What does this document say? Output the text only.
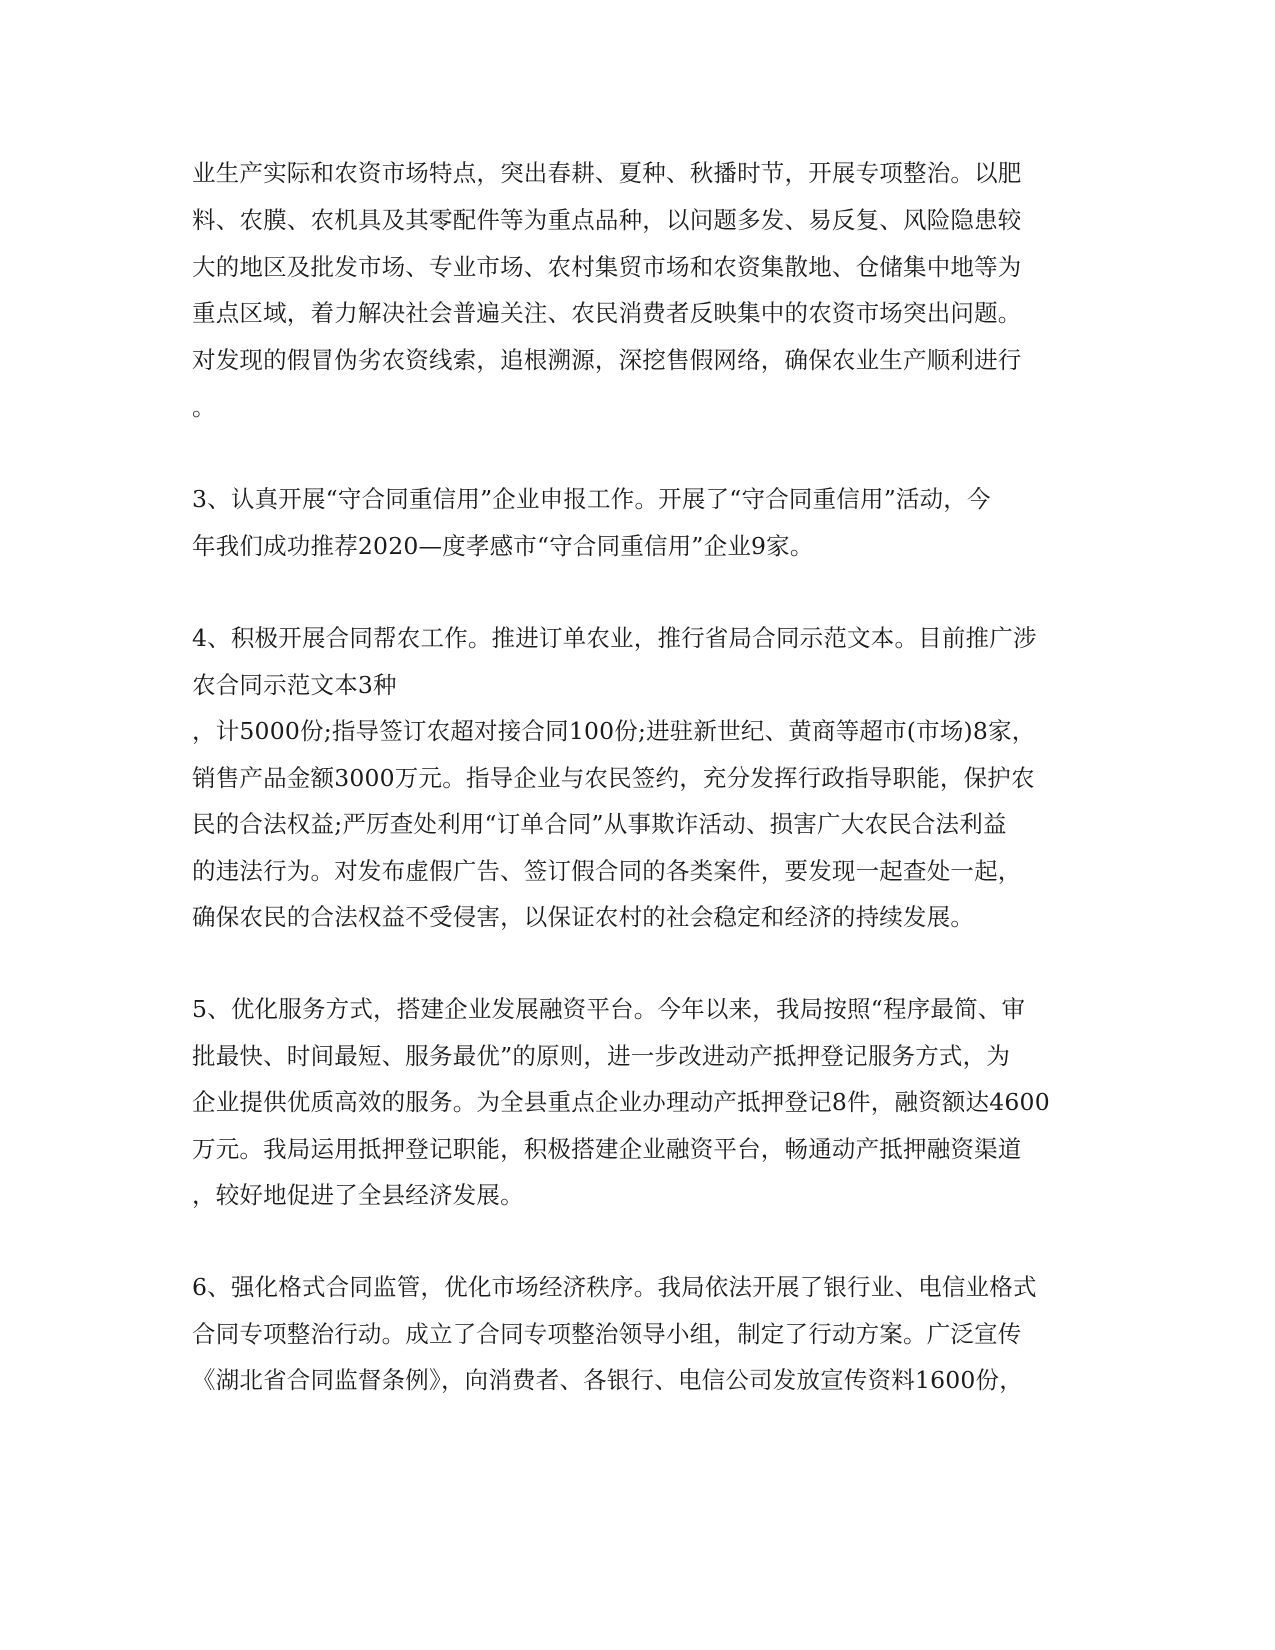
业生产实际和农资市场特点，突出春耕、夏种、秋播时节，开展专项整治。以肥
料、农膜、农机具及其零配件等为重点品种，以问题多发、易反复、风险隐患较
大的地区及批发市场、专业市场、农村集贸市场和农资集散地、仓储集中地等为
重点区域，着力解决社会普遍关注、农民消费者反映集中的农资市场突出问题。
对发现的假冒伪劣农资线索，追根溯源，深挖售假网络，确保农业生产顺利进行
。
3、认真开展“守合同重信用”企业申报工作。开展了“守合同重信用”活动，今
年我们成功推荐2020—度孝感市“守合同重信用”企业9家。
4、积极开展合同帮农工作。推进订单农业，推行省局合同示范文本。目前推广涉
农合同示范文本3种
，计5000份;指导签订农超对接合同100份;进驻新世纪、黄商等超市(市场)8家，
销售产品金额3000万元。指导企业与农民签约，充分发挥行政指导职能，保护农
民的合法权益;严厉查处利用“订单合同”从事欺诈活动、损害广大农民合法利益
的违法行为。对发布虚假广告、签订假合同的各类案件，要发现一起查处一起，
确保农民的合法权益不受侵害，以保证农村的社会稳定和经济的持续发展。
5、优化服务方式，搭建企业发展融资平台。今年以来，我局按照“程序最简、审
批最快、时间最短、服务最优”的原则，进一步改进动产抵押登记服务方式，为
企业提供优质高效的服务。为全县重点企业办理动产抵押登记8件，融资额达4600
万元。我局运用抵押登记职能，积极搭建企业融资平台，畅通动产抵押融资渠道
，较好地促进了全县经济发展。
6、强化格式合同监管，优化市场经济秩序。我局依法开展了银行业、电信业格式
合同专项整治行动。成立了合同专项整治领导小组，制定了行动方案。广泛宣传
《湖北省合同监督条例》，向消费者、各银行、电信公司发放宣传资料1600份，
